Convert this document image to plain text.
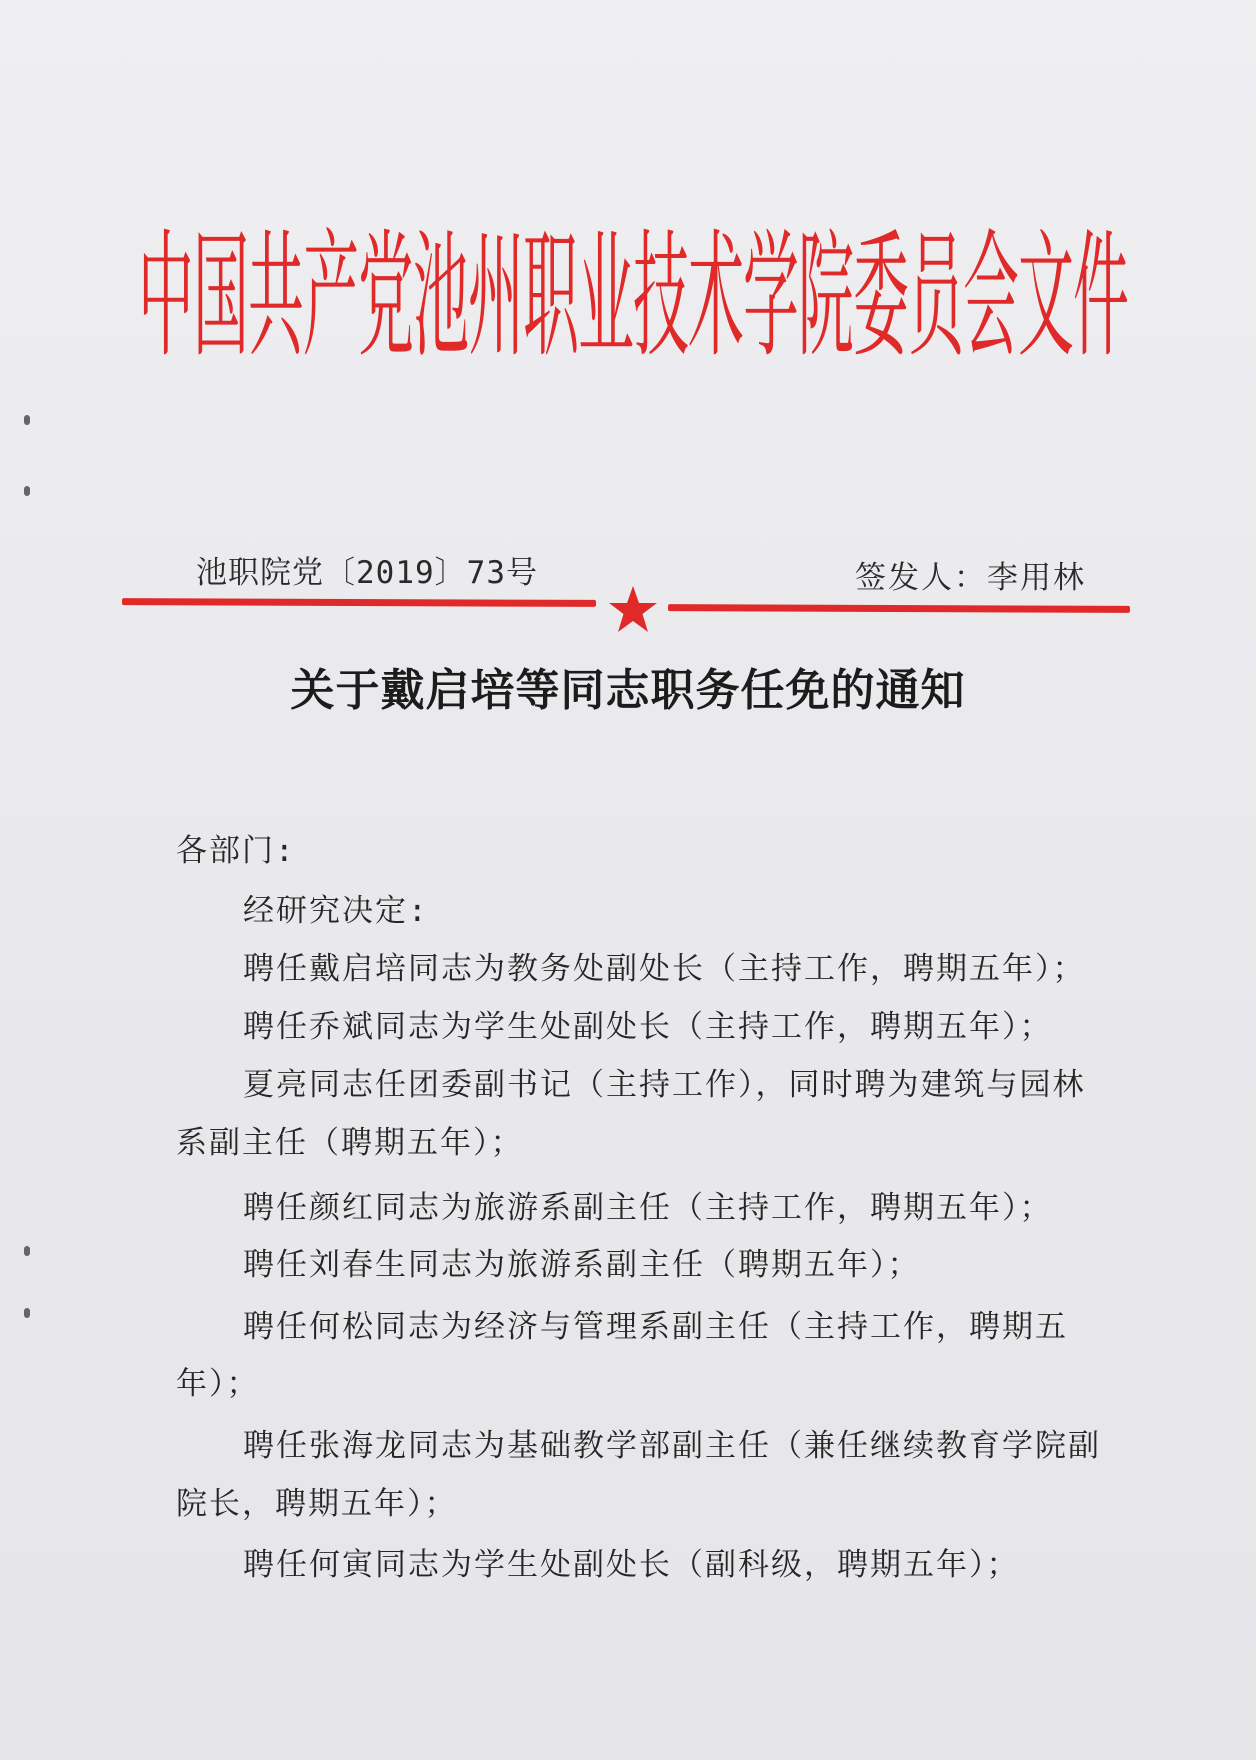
中国共产党池州职业技术学院委员会文件
池职院党〔2019〕73号	签发人：李用林
关于戴启培等同志职务任免的通知
各部门:
经研究决定:
聘任戴启培同志为教务处副处长（主持工作，聘期五年）；
聘任乔斌同志为学生处副处长（主持工作，聘期五年）；
夏亮同志任团委副书记（主持工作），同时聘为建筑与园林
系副主任（聘期五年）；
聘任颜红同志为旅游系副主任（主持工作，聘期五年）；
聘任刘春生同志为旅游系副主任（聘期五年）；
聘任何松同志为经济与管理系副主任（主持工作，聘期五
年）；
聘任张海龙同志为基础教学部副主任（兼任继续教育学院副
院长，聘期五年）；
聘任何寅同志为学生处副处长（副科级，聘期五年）；
